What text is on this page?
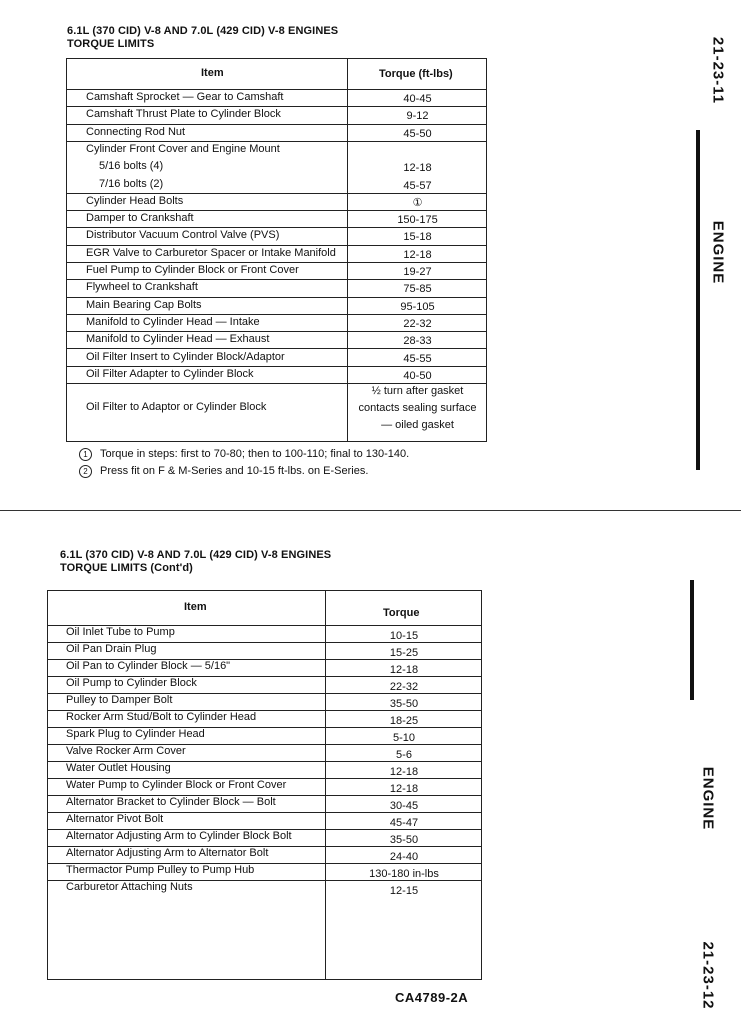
6.1L (370 CID) V-8 AND 7.0L (429 CID) V-8 ENGINES
TORQUE LIMITS
Item	Torque (ft-lbs)
Camshaft Sprocket — Gear to Camshaft	40-45
Camshaft Thrust Plate to Cylinder Block	9-12
Connecting Rod Nut	45-50
Cylinder Front Cover and Engine Mount
5/16 bolts (4)	12-18
7/16 bolts (2)	45-57
Cylinder Head Bolts	①
Damper to Crankshaft	150-175
Distributor Vacuum Control Valve (PVS)	15-18
EGR Valve to Carburetor Spacer or Intake Manifold	12-18
Fuel Pump to Cylinder Block or Front Cover	19-27
Flywheel to Crankshaft	75-85
Main Bearing Cap Bolts	95-105
Manifold to Cylinder Head — Intake	22-32
Manifold to Cylinder Head — Exhaust	28-33
Oil Filter Insert to Cylinder Block/Adaptor	45-55
Oil Filter Adapter to Cylinder Block	40-50
Oil Filter to Adaptor or Cylinder Block
½ turn after gasket
contacts sealing surface
— oiled gasket
1	Torque in steps: first to 70-80; then to 100-110; final to 130-140.
2	Press fit on F & M-Series and 10-15 ft-lbs. on E-Series.
21-23-11
ENGINE
6.1L (370 CID) V-8 AND 7.0L (429 CID) V-8 ENGINES
TORQUE LIMITS (Cont'd)
Item	Torque
Oil Inlet Tube to Pump	10-15
Oil Pan Drain Plug	15-25
Oil Pan to Cylinder Block — 5/16"	12-18
Oil Pump to Cylinder Block	22-32
Pulley to Damper Bolt	35-50
Rocker Arm Stud/Bolt to Cylinder Head	18-25
Spark Plug to Cylinder Head	5-10
Valve Rocker Arm Cover	5-6
Water Outlet Housing	12-18
Water Pump to Cylinder Block or Front Cover	12-18
Alternator Bracket to Cylinder Block — Bolt	30-45
Alternator Pivot Bolt	45-47
Alternator Adjusting Arm to Cylinder Block Bolt	35-50
Alternator Adjusting Arm to Alternator Bolt	24-40
Thermactor Pump Pulley to Pump Hub	130-180 in-lbs
Carburetor Attaching Nuts	12-15
CA4789-2A
ENGINE
21-23-12
